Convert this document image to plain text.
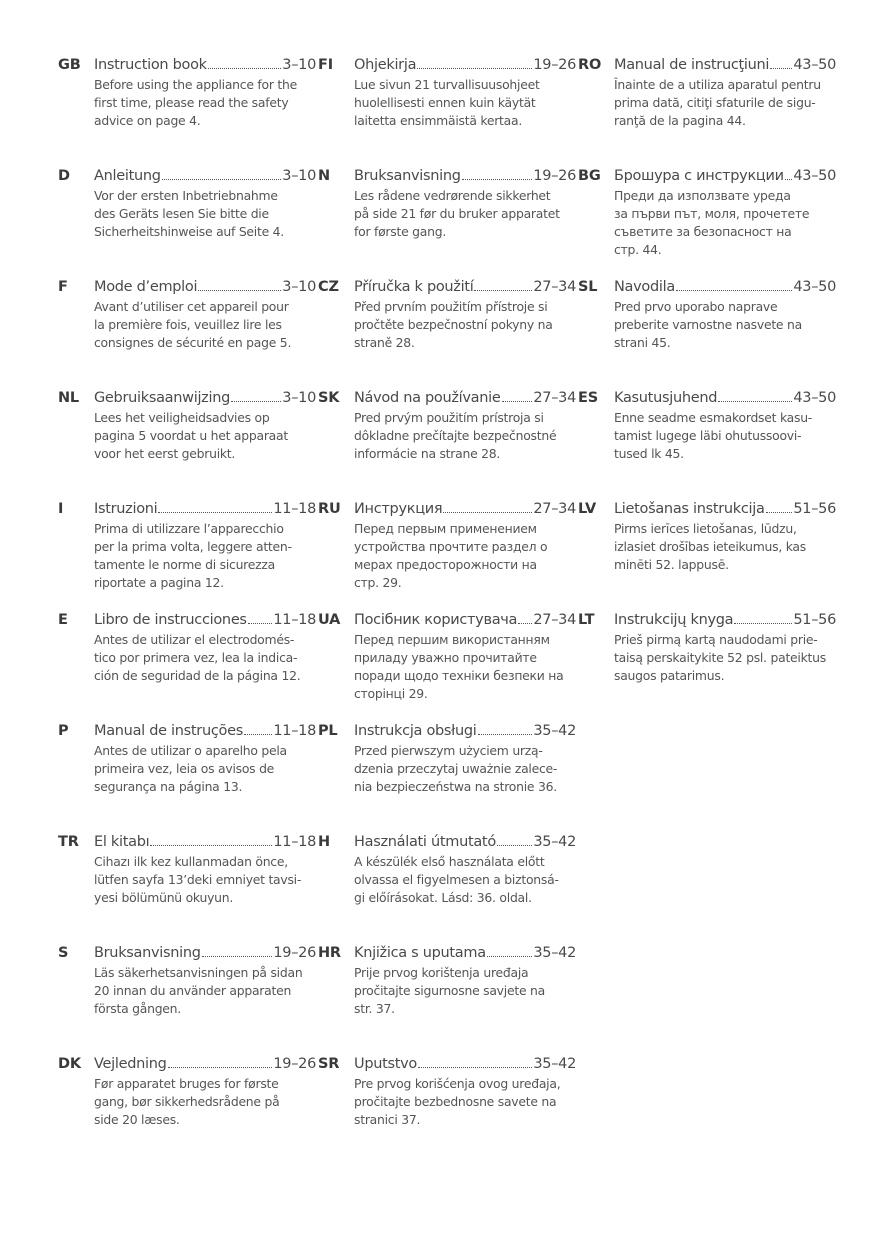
GB Instruction book	3–10
Before using the appliance for the
first time, please read the safety
advice on page 4.
D Anleitung	3–10
Vor der ersten Inbetriebnahme
des Geräts lesen Sie bitte die
Sicherheitshinweise auf Seite 4.
F Mode d’emploi	3–10
Avant d’utiliser cet appareil pour
la première fois, veuillez lire les
consignes de sécurité en page 5.
NL Gebruiksaanwijzing	3–10
Lees het veiligheidsadvies op
pagina 5 voordat u het apparaat
voor het eerst gebruikt.
I Istruzioni	11–18
Prima di utilizzare l’apparecchio
per la prima volta, leggere atten-
tamente le norme di sicurezza
riportate a pagina 12.
E Libro de instrucciones 11–18
Antes de utilizar el electrodomés-
tico por primera vez, lea la indica-
ción de seguridad de la página 12.
P Manual de instruções 11–18
Antes de utilizar o aparelho pela
primeira vez, leia os avisos de
segurança na página 13.
TR El kitabı	11–18
Cihazı ilk kez kullanmadan önce,
lütfen sayfa 13’deki emniyet tavsi-
yesi bölümünü okuyun.
S Bruksanvisning	19–26
Läs säkerhetsanvisningen på sidan
20 innan du använder apparaten
första gången.
DK Vejledning	19–26
Før apparatet bruges for første
gang, bør sikkerhedsrådene på
side 20 læses.
FI Ohjekirja	19–26
Lue sivun 21 turvallisuusohjeet
huolellisesti ennen kuin käytät
laitetta ensimmäistä kertaa.
N Bruksanvisning	19–26
Les rådene vedrørende sikkerhet
på side 21 før du bruker apparatet
for første gang.
CZ Příručka k použití	27–34
Před prvním použitím přístroje si
pročtěte bezpečnostní pokyny na
straně 28.
SK Návod na používanie 27–34
Pred prvým použitím prístroja si
dôkladne prečítajte bezpečnostné
informácie na strane 28.
RU Инструкция	27–34
Перед первым применением
устройства прочтите раздел о
мерах предосторожности на
стр. 29.
UA Посібник користувача 27–34
Перед першим використанням
приладу уважно прочитайте
поради щодо техніки безпеки на
сторінці 29.
PL Instrukcja obsługi	35–42
Przed pierwszym użyciem urzą-
dzenia przeczytaj uważnie zalece-
nia bezpieczeństwa na stronie 36.
H Használati útmutató	35–42
A készülék első használata előtt
olvassa el figyelmesen a biztonsá-
gi előírásokat. Lásd: 36. oldal.
HR Knjižica s uputama	35–42
Prije prvog korištenja uređaja
pročitajte sigurnosne savjete na
str. 37.
SR Uputstvo	35–42
Pre prvog korišćenja ovog uređaja,
pročitajte bezbednosne savete na
stranici 37.
RO Manual de instrucţiuni 43–50
Înainte de a utiliza aparatul pentru
prima dată, citiţi sfaturile de sigu-
ranţă de la pagina 44.
BG Брошура с инструкции 43–50
Преди да използвате уреда
за първи път, моля, прочетете
съветите за безопасност на
стр. 44.
SL Navodila	43–50
Pred prvo uporabo naprave
preberite varnostne nasvete na
strani 45.
ES Kasutusjuhend	43–50
Enne seadme esmakordset kasu-
tamist lugege läbi ohutussoovi-
tused lk 45.
LV Lietošanas instrukcija 51–56
Pirms ierīces lietošanas, lūdzu,
izlasiet drošības ieteikumus, kas
minēti 52. lappusē.
LT Instrukcijų knyga	51–56
Prieš pirmą kartą naudodami prie-
taisą perskaitykite 52 psl. pateiktus
saugos patarimus.
